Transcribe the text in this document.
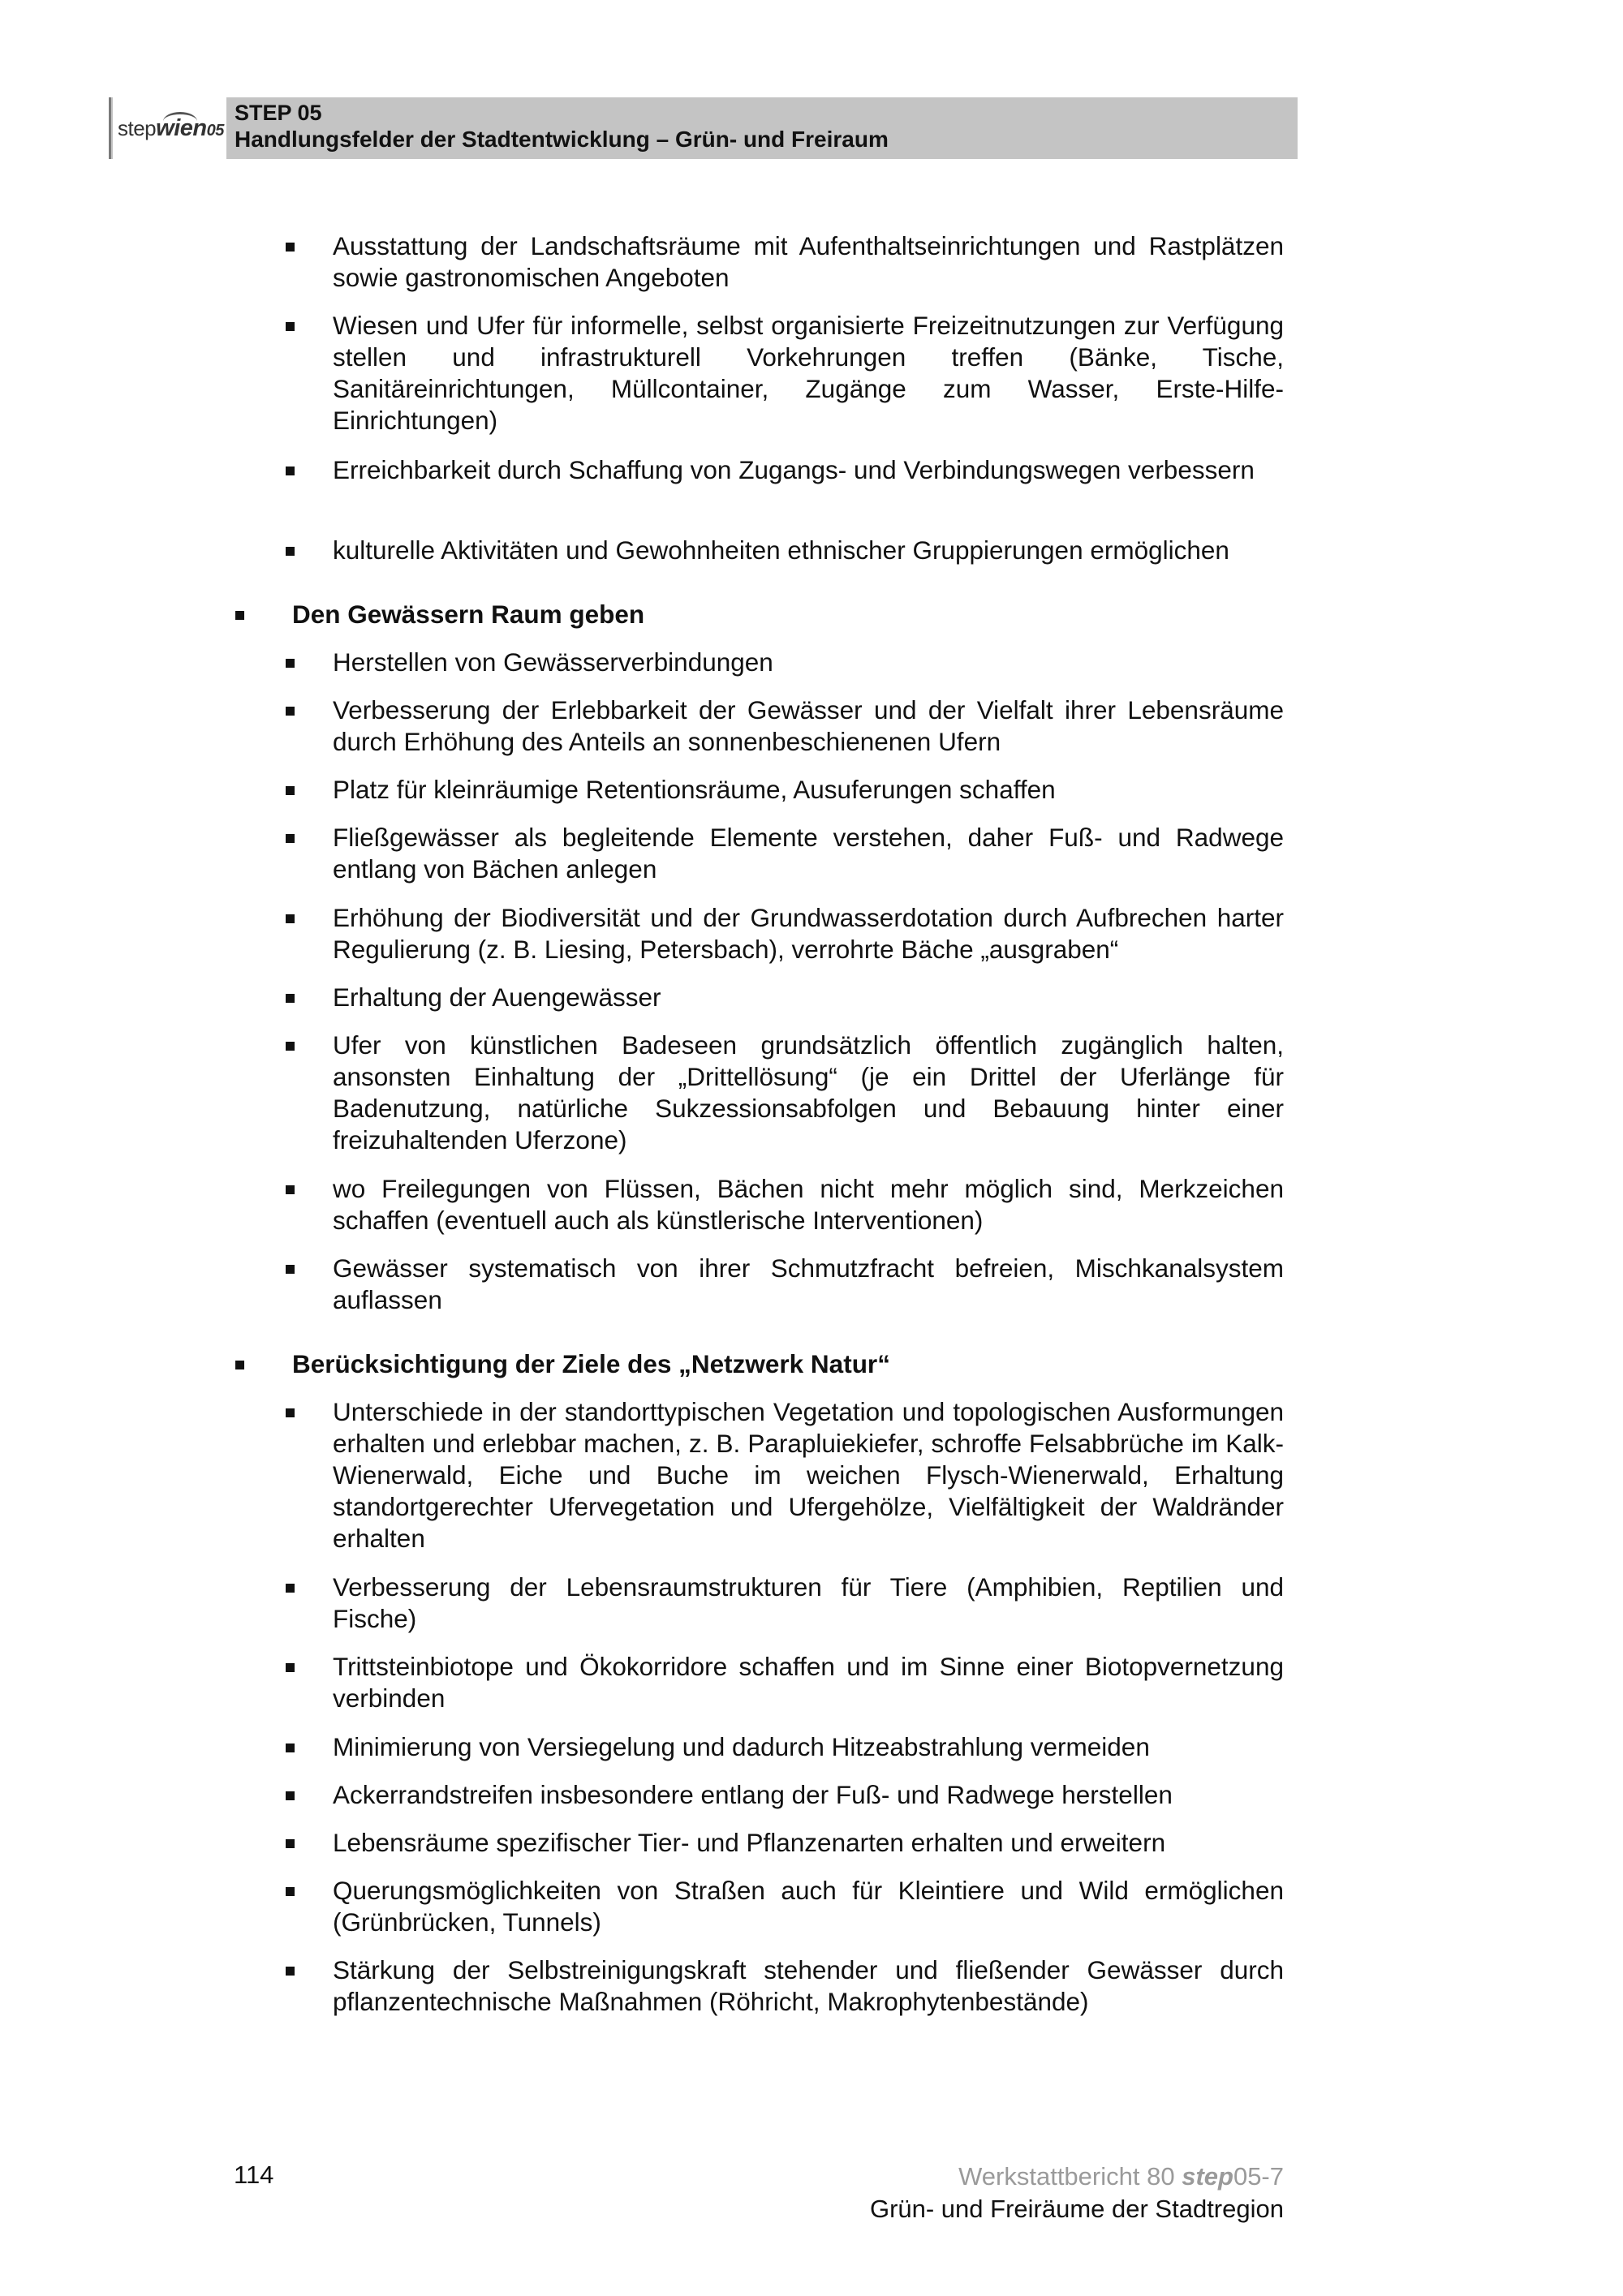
stepwien05
STEP 05
Handlungsfelder der Stadtentwicklung – Grün- und Freiraum
Ausstattung der Landschaftsräume mit Aufenthaltseinrichtungen und Rastplätzen sowie gastronomischen Angeboten
Wiesen und Ufer für informelle, selbst organisierte Freizeitnutzungen zur Verfügung stellen und infrastrukturell Vorkehrungen treffen (Bänke, Tische, Sanitäreinrichtungen, Müllcontainer, Zugänge zum Wasser, Erste-Hilfe-Einrichtungen)
Erreichbarkeit durch Schaffung von Zugangs- und Verbindungswegen verbessern
kulturelle Aktivitäten und Gewohnheiten ethnischer Gruppierungen ermöglichen
Den Gewässern Raum geben
Herstellen von Gewässerverbindungen
Verbesserung der Erlebbarkeit der Gewässer und der Vielfalt ihrer Lebensräume durch Erhöhung des Anteils an sonnenbeschienenen Ufern
Platz für kleinräumige Retentionsräume, Ausuferungen schaffen
Fließgewässer als begleitende Elemente verstehen, daher Fuß- und Radwege entlang von Bächen anlegen
Erhöhung der Biodiversität und der Grundwasserdotation durch Aufbrechen harter Regulierung (z. B. Liesing, Petersbach), verrohrte Bäche „ausgraben“
Erhaltung der Auengewässer
Ufer von künstlichen Badeseen grundsätzlich öffentlich zugänglich halten, ansonsten Einhaltung der „Drittellösung“ (je ein Drittel der Uferlänge für Badenutzung, natürliche Sukzessionsabfolgen und Bebauung hinter einer freizuhaltenden Uferzone)
wo Freilegungen von Flüssen, Bächen nicht mehr möglich sind, Merkzeichen schaffen (eventuell auch als künstlerische Interventionen)
Gewässer systematisch von ihrer Schmutzfracht befreien, Mischkanalsystem auflassen
Berücksichtigung der Ziele des „Netzwerk Natur“
Unterschiede in der standorttypischen Vegetation und topologischen Ausformungen erhalten und erlebbar machen, z. B. Parapluiekiefer, schroffe Felsabbrüche im Kalk-Wienerwald, Eiche und Buche im weichen Flysch-Wienerwald, Erhaltung standortgerechter Ufervegetation und Ufergehölze, Vielfältigkeit der Waldränder erhalten
Verbesserung der Lebensraumstrukturen für Tiere (Amphibien, Reptilien und Fische)
Trittsteinbiotope und Ökokorridore schaffen und im Sinne einer Biotopvernetzung verbinden
Minimierung von Versiegelung und dadurch Hitzeabstrahlung vermeiden
Ackerrandstreifen insbesondere entlang der Fuß- und Radwege herstellen
Lebensräume spezifischer Tier- und Pflanzenarten erhalten und erweitern
Querungsmöglichkeiten von Straßen auch für Kleintiere und Wild ermöglichen (Grünbrücken, Tunnels)
Stärkung der Selbstreinigungskraft stehender und fließender Gewässer durch pflanzentechnische Maßnahmen (Röhricht, Makrophytenbestände)
114	Werkstattbericht 80 step05-7
Grün- und Freiräume der Stadtregion
